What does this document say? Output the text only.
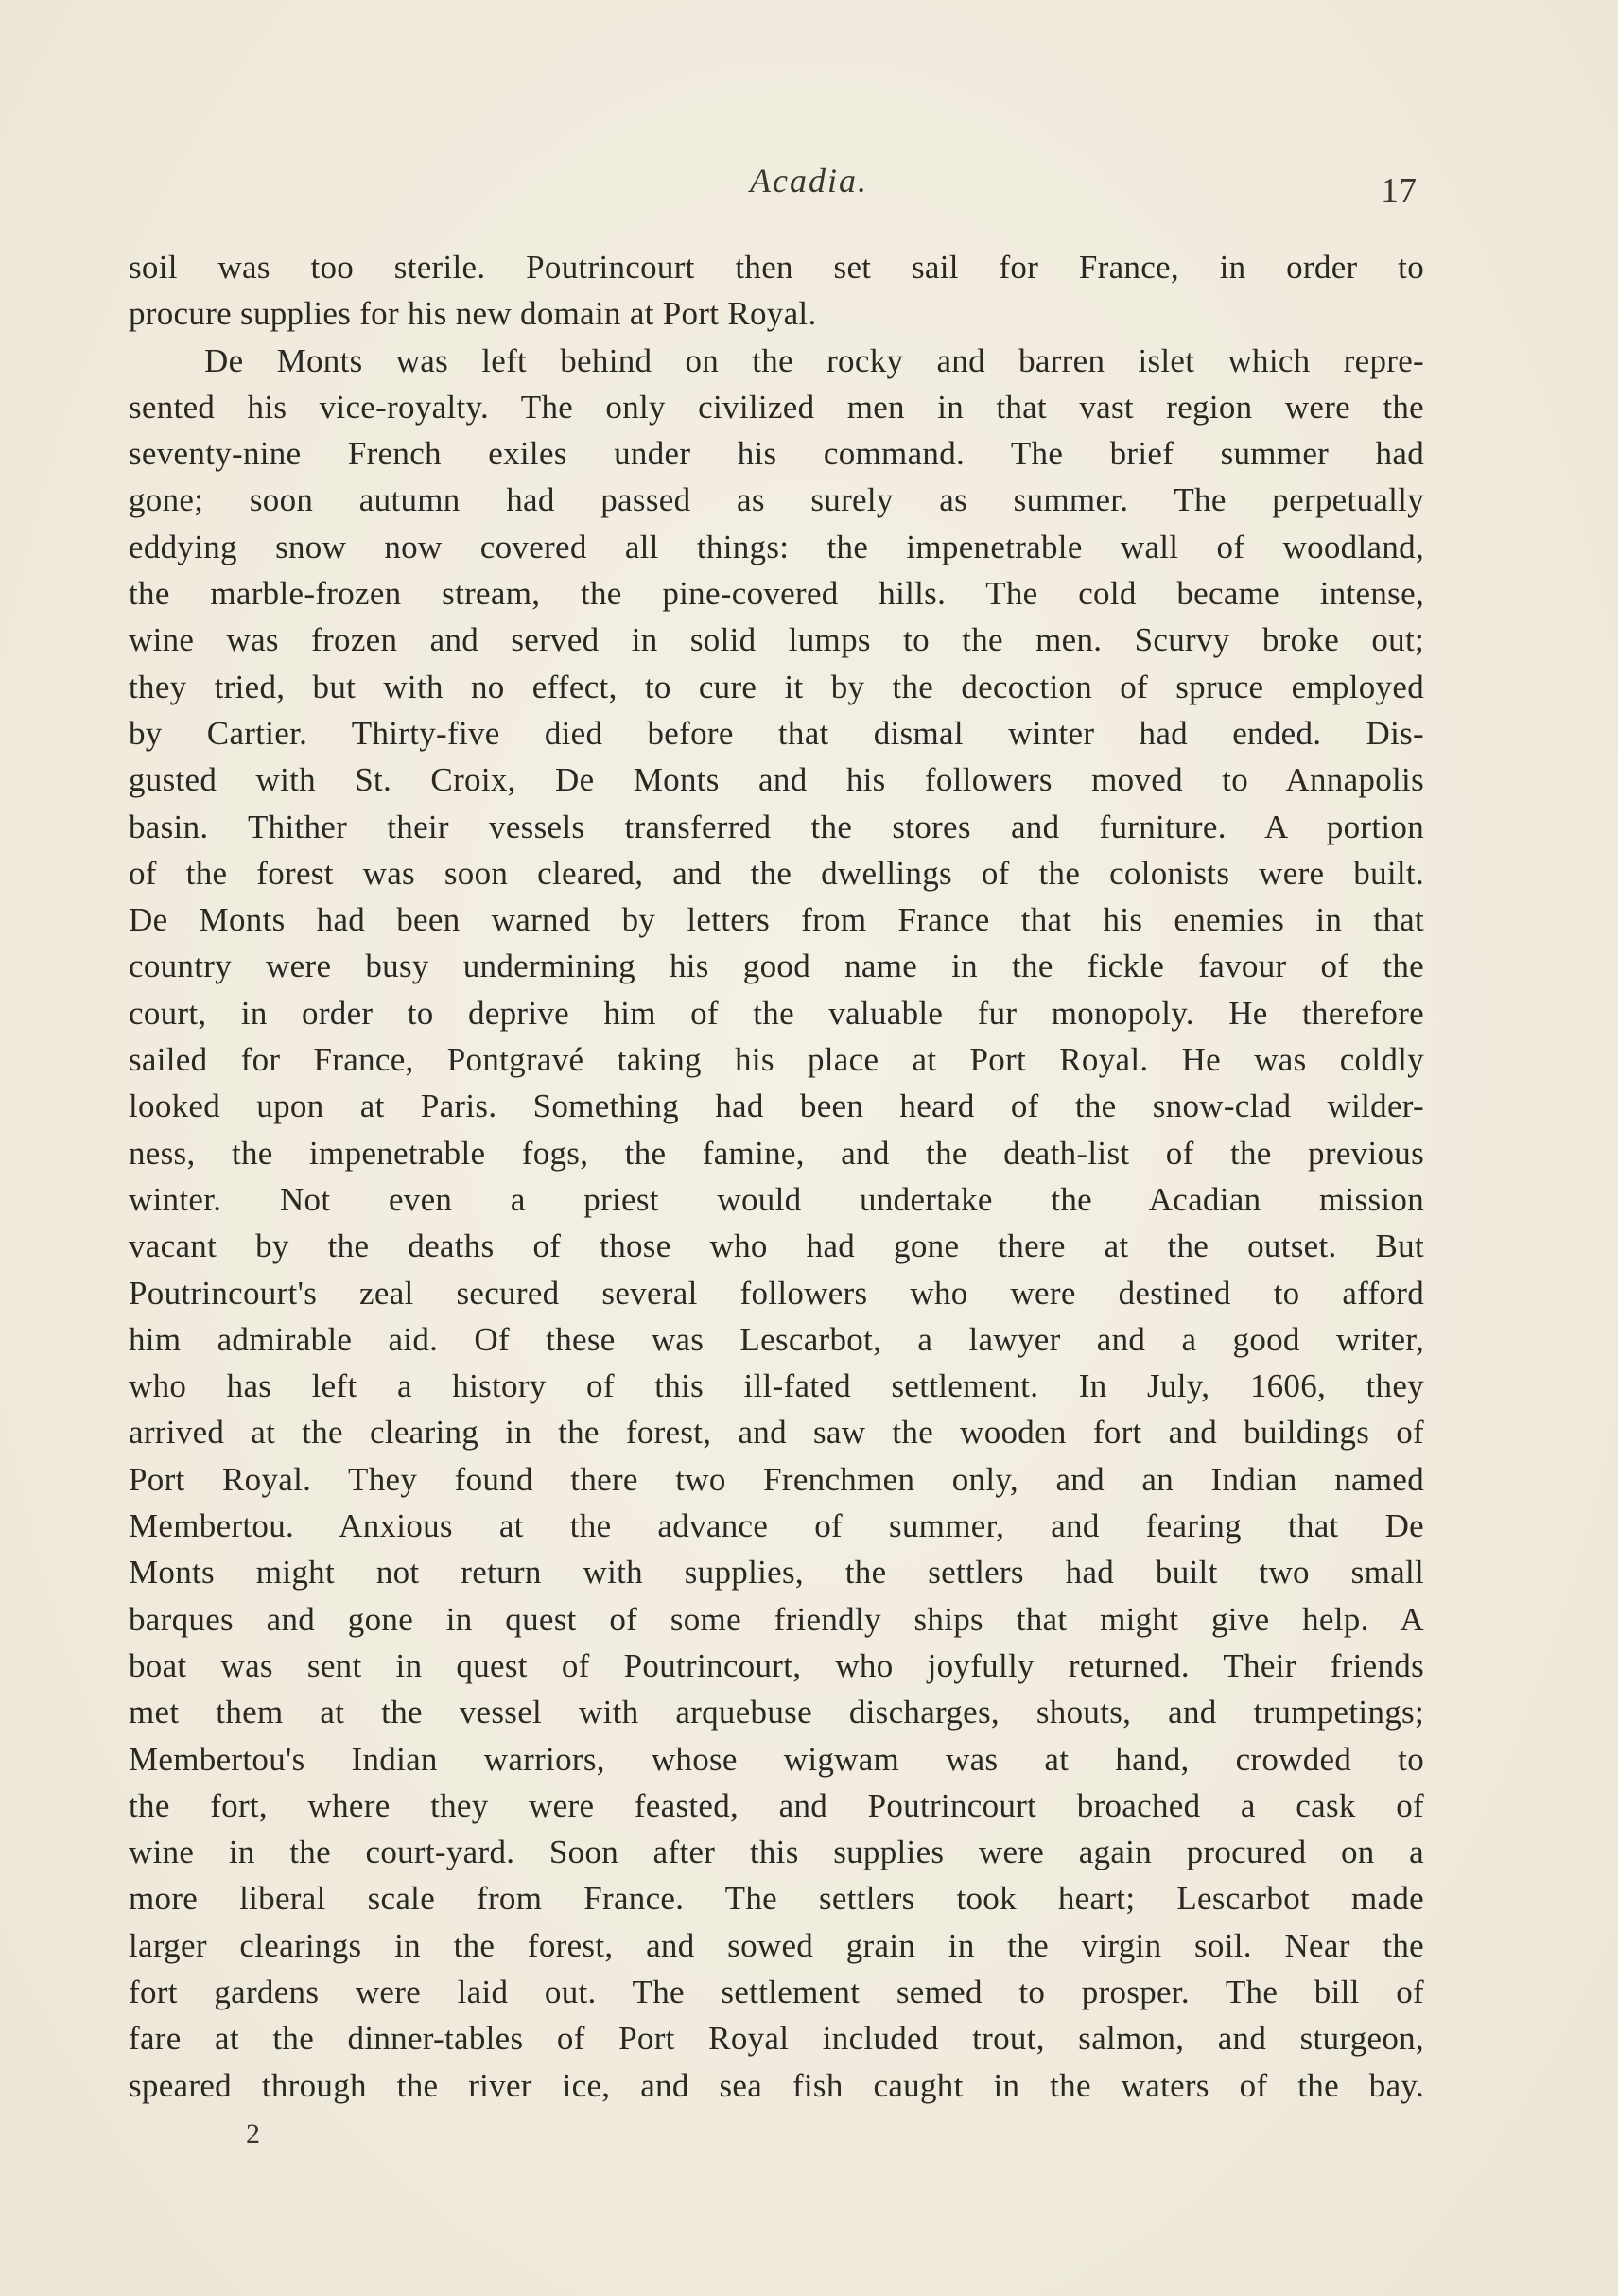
Acadia.	17
soil was too sterile. Poutrincourt then set sail for France, in order to
procure supplies for his new domain at Port Royal.
De Monts was left behind on the rocky and barren islet which repre-
sented his vice-royalty. The only civilized men in that vast region were the
seventy-nine French exiles under his command. The brief summer had
gone; soon autumn had passed as surely as summer. The perpetually
eddying snow now covered all things: the impenetrable wall of woodland,
the marble-frozen stream, the pine-covered hills. The cold became intense,
wine was frozen and served in solid lumps to the men. Scurvy broke out;
they tried, but with no effect, to cure it by the decoction of spruce employed
by Cartier. Thirty-five died before that dismal winter had ended. Dis-
gusted with St. Croix, De Monts and his followers moved to Annapolis
basin. Thither their vessels transferred the stores and furniture. A portion
of the forest was soon cleared, and the dwellings of the colonists were built.
De Monts had been warned by letters from France that his enemies in that
country were busy undermining his good name in the fickle favour of the
court, in order to deprive him of the valuable fur monopoly. He therefore
sailed for France, Pontgravé taking his place at Port Royal. He was coldly
looked upon at Paris. Something had been heard of the snow-clad wilder-
ness, the impenetrable fogs, the famine, and the death-list of the previous
winter. Not even a priest would undertake the Acadian mission
vacant by the deaths of those who had gone there at the outset. But
Poutrincourt's zeal secured several followers who were destined to afford
him admirable aid. Of these was Lescarbot, a lawyer and a good writer,
who has left a history of this ill-fated settlement. In July, 1606, they
arrived at the clearing in the forest, and saw the wooden fort and buildings of
Port Royal. They found there two Frenchmen only, and an Indian named
Membertou. Anxious at the advance of summer, and fearing that De
Monts might not return with supplies, the settlers had built two small
barques and gone in quest of some friendly ships that might give help. A
boat was sent in quest of Poutrincourt, who joyfully returned. Their friends
met them at the vessel with arquebuse discharges, shouts, and trumpetings;
Membertou's Indian warriors, whose wigwam was at hand, crowded to
the fort, where they were feasted, and Poutrincourt broached a cask of
wine in the court-yard. Soon after this supplies were again procured on a
more liberal scale from France. The settlers took heart; Lescarbot made
larger clearings in the forest, and sowed grain in the virgin soil. Near the
fort gardens were laid out. The settlement semed to prosper. The bill of
fare at the dinner-tables of Port Royal included trout, salmon, and sturgeon,
speared through the river ice, and sea fish caught in the waters of the bay.
2
